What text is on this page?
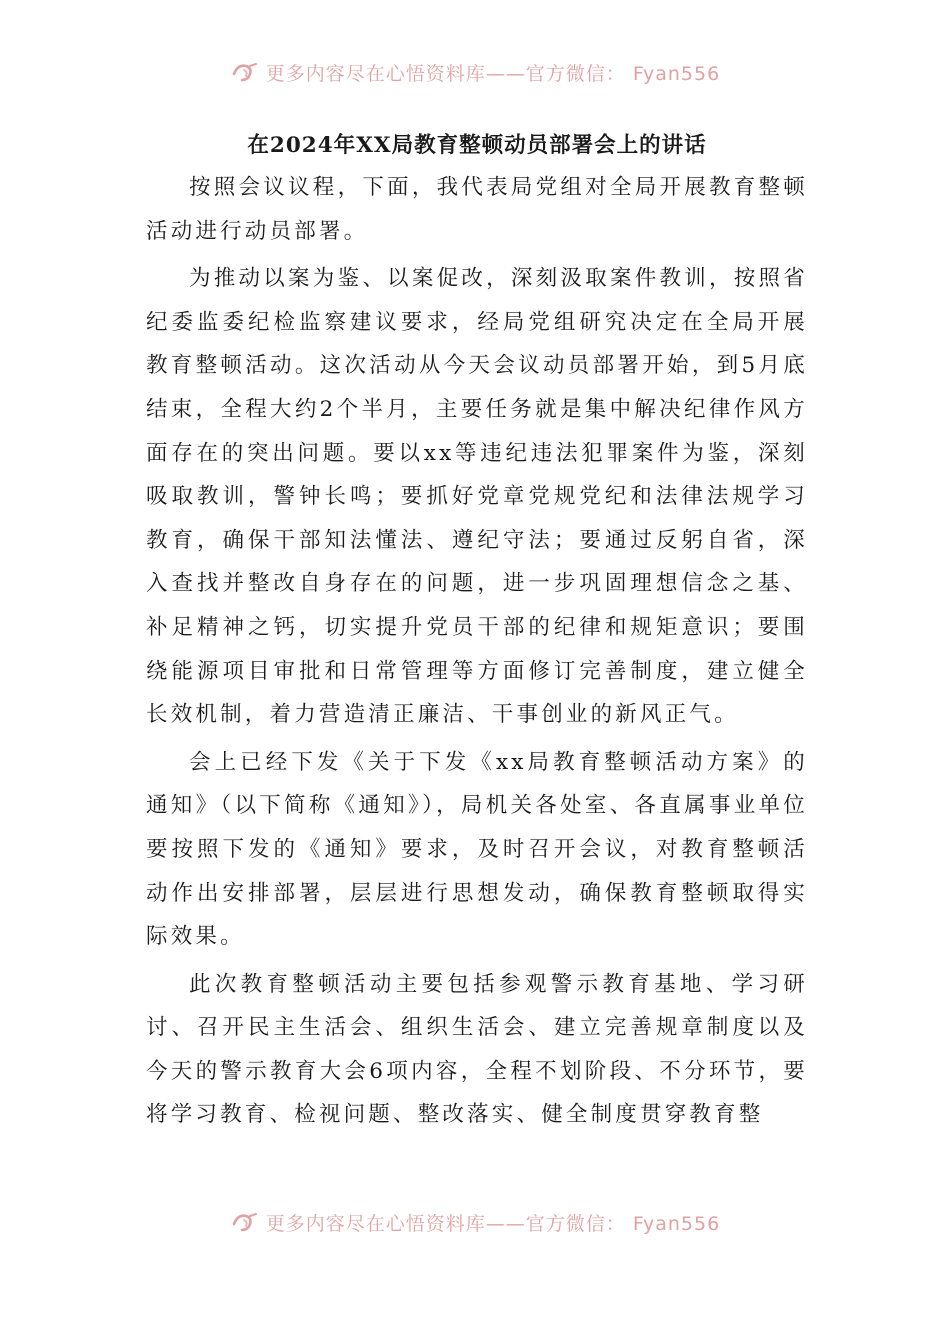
更多内容尽在心悟资料库——官方微信： Fyan556
在2024年XX局教育整顿动员部署会上的讲话

按照会议议程，下面，我代表局党组对全局开展教育整顿活动进行动员部署。

为推动以案为鉴、以案促改，深刻汲取案件教训，按照省纪委监委纪检监察建议要求，经局党组研究决定在全局开展教育整顿活动。这次活动从今天会议动员部署开始，到5月底结束，全程大约2个半月，主要任务就是集中解决纪律作风方面存在的突出问题。要以xx等违纪违法犯罪案件为鉴，深刻吸取教训，警钟长鸣；要抓好党章党规党纪和法律法规学习教育，确保干部知法懂法、遵纪守法；要通过反躬自省，深入查找并整改自身存在的问题，进一步巩固理想信念之基、补足精神之钙，切实提升党员干部的纪律和规矩意识；要围绕能源项目审批和日常管理等方面修订完善制度，建立健全长效机制，着力营造清正廉洁、干事创业的新风正气。

会上已经下发《关于下发《xx局教育整顿活动方案》的通知》（以下简称《通知》），局机关各处室、各直属事业单位要按照下发的《通知》要求，及时召开会议，对教育整顿活动作出安排部署，层层进行思想发动，确保教育整顿取得实际效果。

此次教育整顿活动主要包括参观警示教育基地、学习研讨、召开民主生活会、组织生活会、建立完善规章制度以及今天的警示教育大会6项内容，全程不划阶段、不分环节，要将学习教育、检视问题、整改落实、健全制度贯穿教育整

更多内容尽在心悟资料库——官方微信： Fyan556
